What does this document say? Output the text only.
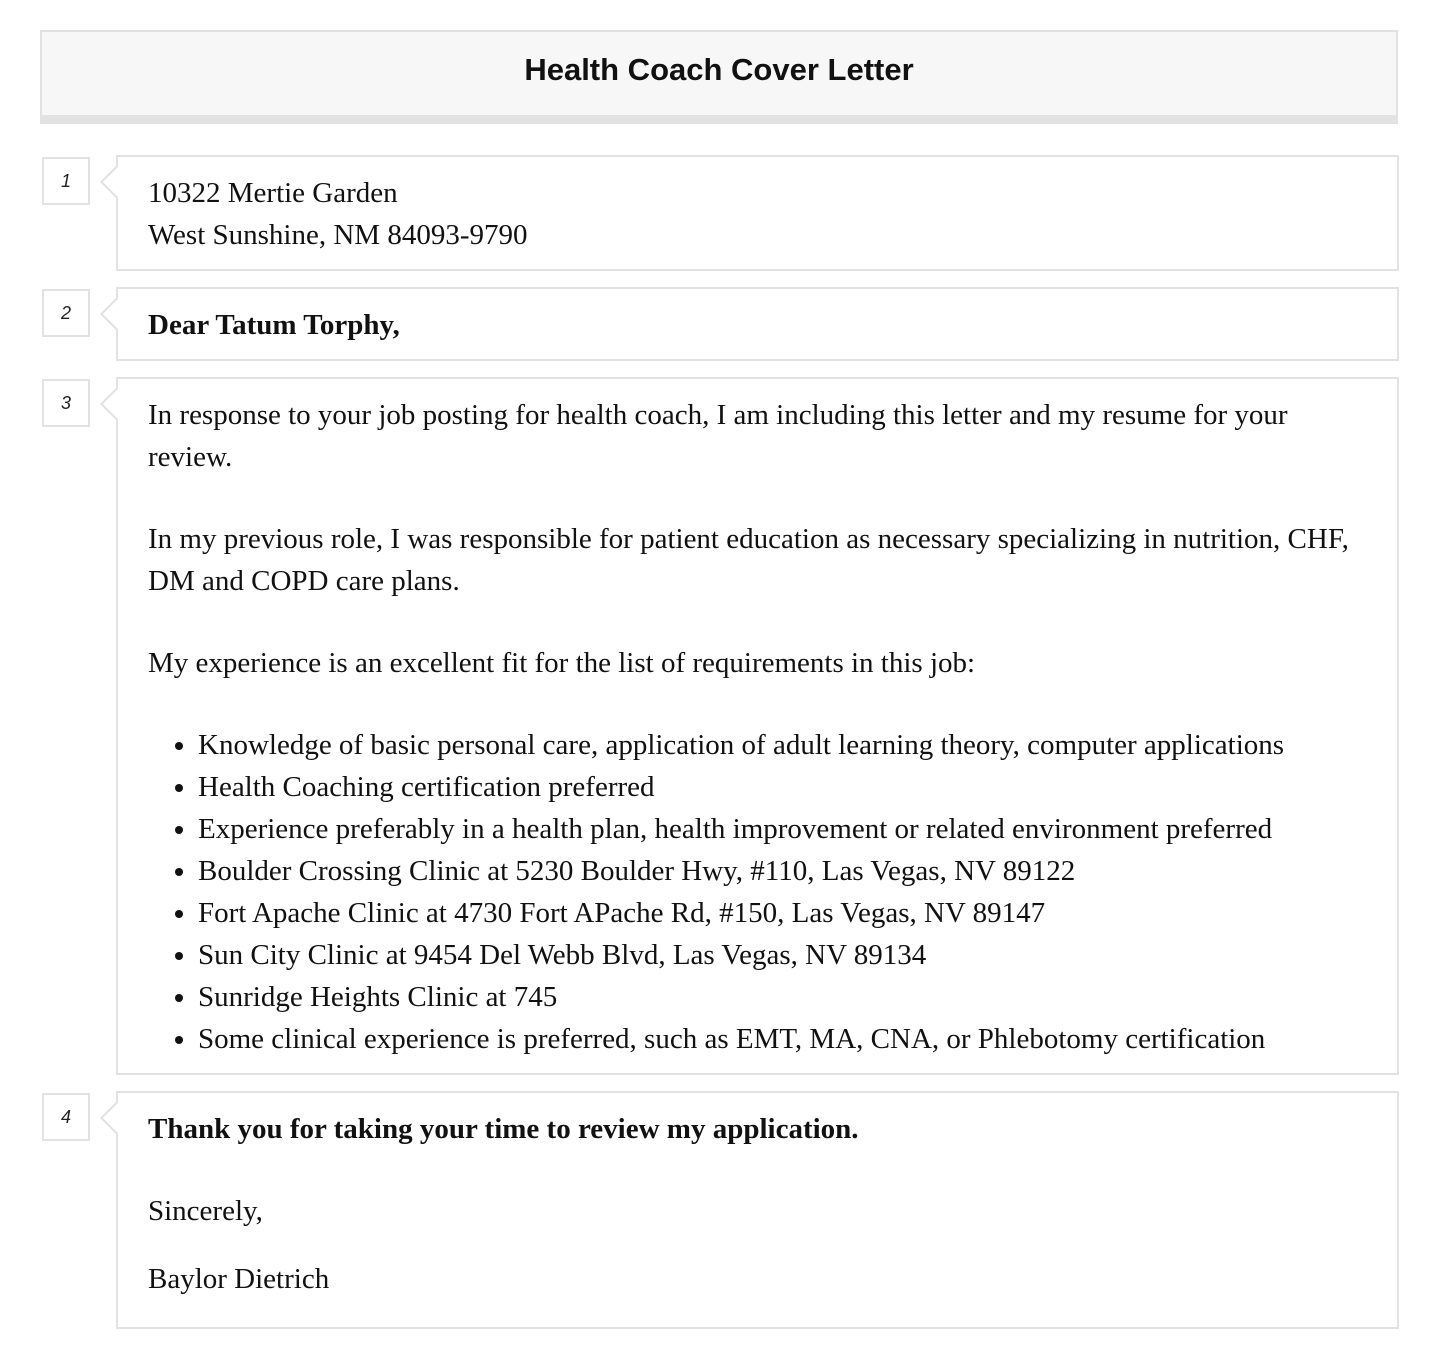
Health Coach Cover Letter
1	10322 Mertie Garden

West Sunshine, NM 84093-9790

2	Dear Tatum Torphy,

3	In response to your job posting for health coach, I am including this letter and my resume for your review.

In my previous role, I was responsible for patient education as necessary specializing in nutrition, CHF, DM and COPD care plans.

My experience is an excellent fit for the list of requirements in this job:

• Knowledge of basic personal care, application of adult learning theory, computer applications
• Health Coaching certification preferred
• Experience preferably in a health plan, health improvement or related environment preferred
• Boulder Crossing Clinic at 5230 Boulder Hwy, #110, Las Vegas, NV 89122
• Fort Apache Clinic at 4730 Fort APache Rd, #150, Las Vegas, NV 89147
• Sun City Clinic at 9454 Del Webb Blvd, Las Vegas, NV 89134
• Sunridge Heights Clinic at 745
• Some clinical experience is preferred, such as EMT, MA, CNA, or Phlebotomy certification
4	Thank you for taking your time to review my application.

Sincerely,

Baylor Dietrich
